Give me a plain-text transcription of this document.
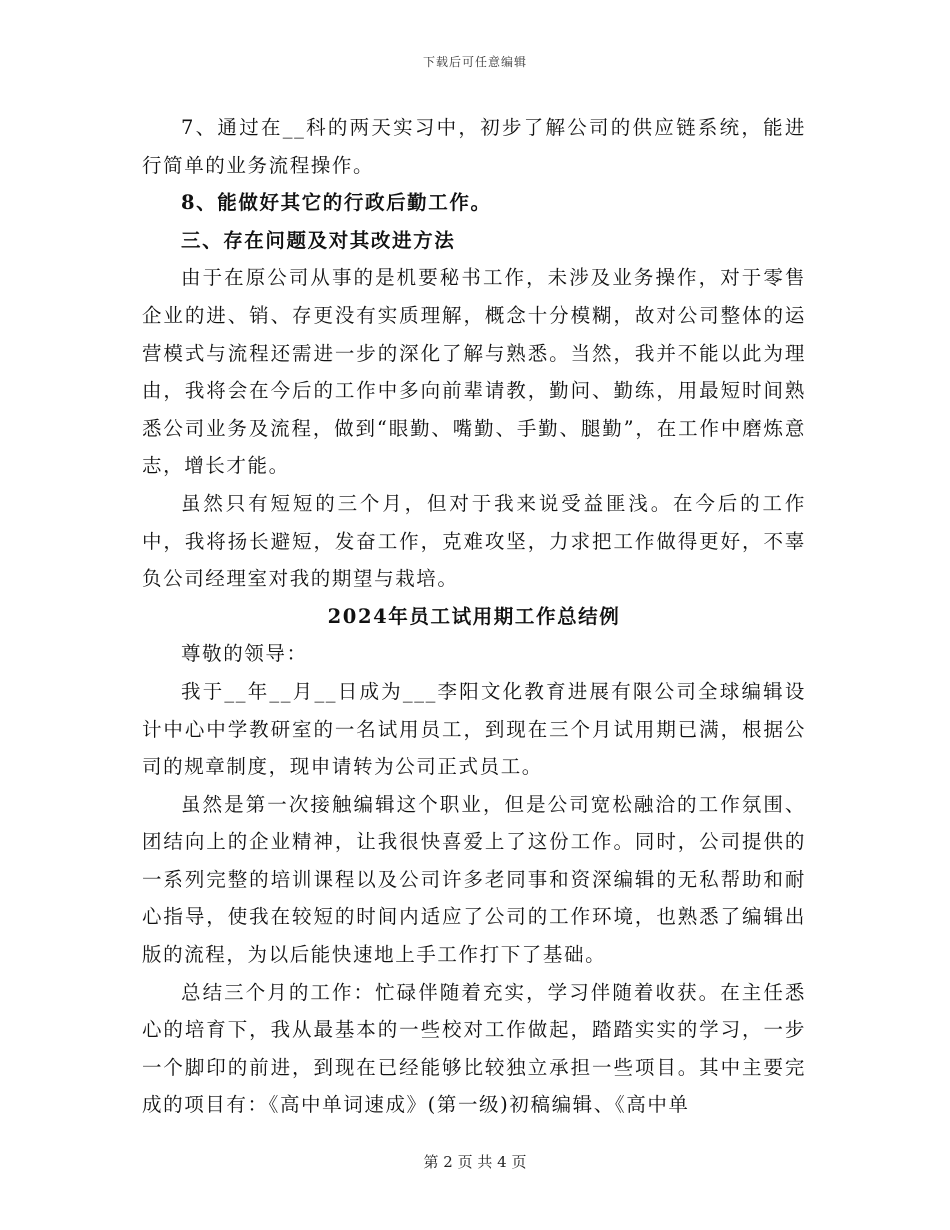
下载后可任意编辑

7、通过在__科的两天实习中，初步了解公司的供应链系统，能进行简单的业务流程操作。

8、能做好其它的行政后勤工作。

三、存在问题及对其改进方法

由于在原公司从事的是机要秘书工作，未涉及业务操作，对于零售企业的进、销、存更没有实质理解，概念十分模糊，故对公司整体的运营模式与流程还需进一步的深化了解与熟悉。当然，我并不能以此为理由，我将会在今后的工作中多向前辈请教，勤问、勤练，用最短时间熟悉公司业务及流程，做到“眼勤、嘴勤、手勤、腿勤”，在工作中磨炼意志，增长才能。

虽然只有短短的三个月，但对于我来说受益匪浅。在今后的工作中，我将扬长避短，发奋工作，克难攻坚，力求把工作做得更好，不辜负公司经理室对我的期望与栽培。

2024年员工试用期工作总结例

尊敬的领导：

我于__年__月__日成为___李阳文化教育进展有限公司全球编辑设计中心中学教研室的一名试用员工，到现在三个月试用期已满，根据公司的规章制度，现申请转为公司正式员工。

虽然是第一次接触编辑这个职业，但是公司宽松融洽的工作氛围、团结向上的企业精神，让我很快喜爱上了这份工作。同时，公司提供的一系列完整的培训课程以及公司许多老同事和资深编辑的无私帮助和耐心指导，使我在较短的时间内适应了公司的工作环境，也熟悉了编辑出版的流程，为以后能快速地上手工作打下了基础。

总结三个月的工作：忙碌伴随着充实，学习伴随着收获。在主任悉心的培育下，我从最基本的一些校对工作做起，踏踏实实的学习，一步一个脚印的前进，到现在已经能够比较独立承担一些项目。其中主要完成的项目有：《高中单词速成》(第一级)初稿编辑、《高中单

第 2 页 共 4 页
